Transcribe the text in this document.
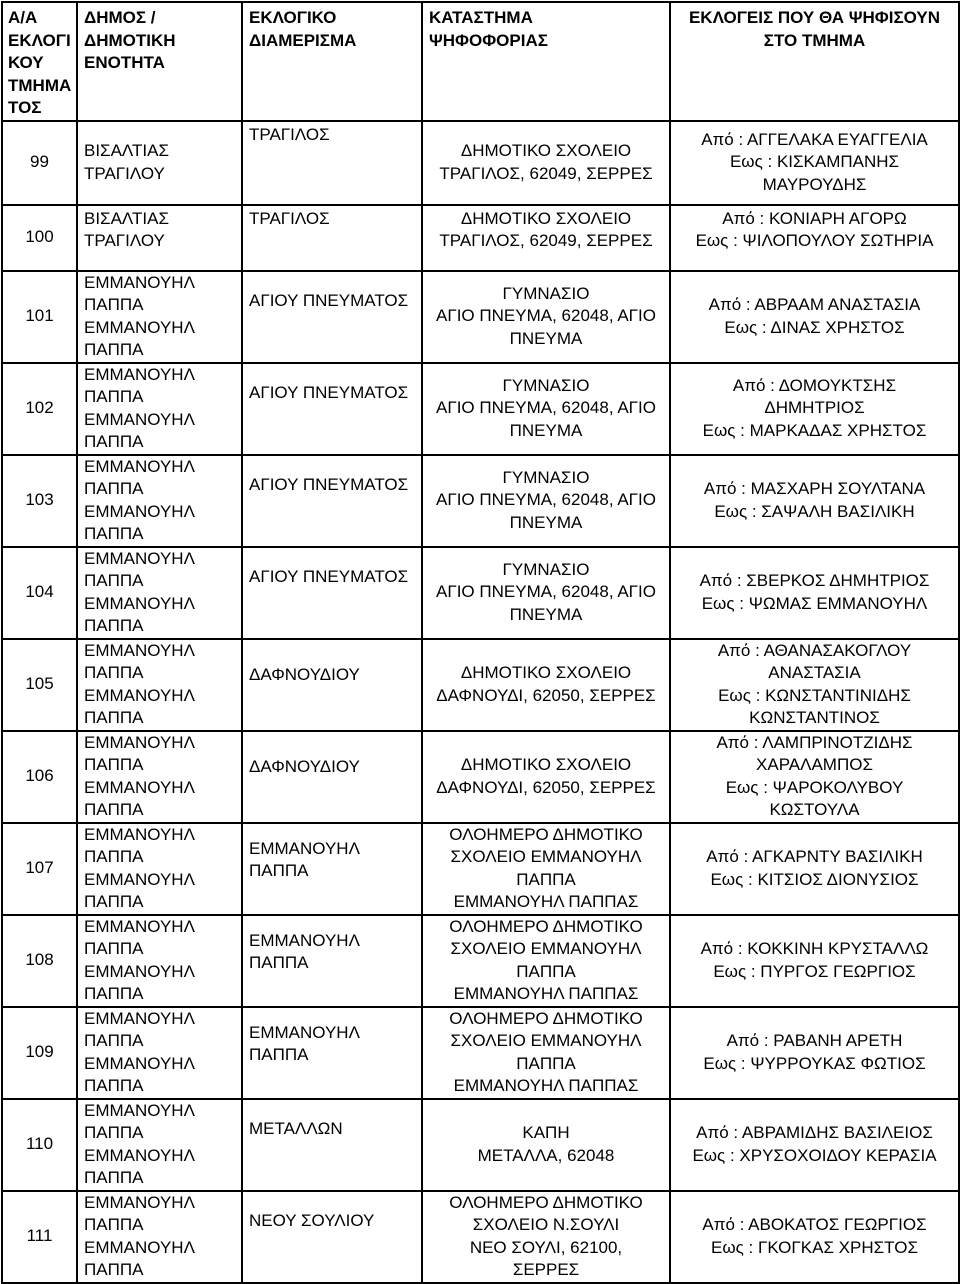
Α/Α
ΕΚΛΟΓΙ
ΚΟΥ
ΤΜΗΜΑ
ΤΟΣ	ΔΗΜΟΣ /
ΔΗΜΟΤΙΚΗ
ΕΝΟΤΗΤΑ	ΕΚΛΟΓΙΚΟ
ΔΙΑΜΕΡΙΣΜΑ	ΚΑΤΑΣΤΗΜΑ
ΨΗΦΟΦΟΡΙΑΣ	ΕΚΛΟΓΕΙΣ ΠΟΥ ΘΑ ΨΗΦΙΣΟΥΝ
ΣΤΟ ΤΜΗΜΑ
99	ΒΙΣΑΛΤΙΑΣ
ΤΡΑΓΙΛΟΥ	ΤΡΑΓΙΛΟΣ	ΔΗΜΟΤΙΚΟ ΣΧΟΛΕΙΟ
ΤΡΑΓΙΛΟΣ, 62049, ΣΕΡΡΕΣ	Από : ΑΓΓΕΛΑΚΑ ΕΥΑΓΓΕΛΙΑ
Εως : ΚΙΣΚΑΜΠΑΝΗΣ
ΜΑΥΡΟΥΔΗΣ
100	ΒΙΣΑΛΤΙΑΣ
ΤΡΑΓΙΛΟΥ	ΤΡΑΓΙΛΟΣ	ΔΗΜΟΤΙΚΟ ΣΧΟΛΕΙΟ
ΤΡΑΓΙΛΟΣ, 62049, ΣΕΡΡΕΣ	Από : ΚΟΝΙΑΡΗ ΑΓΟΡΩ
Εως : ΨΙΛΟΠΟΥΛΟΥ ΣΩΤΗΡΙΑ
101	ΕΜΜΑΝΟΥΗΛ
ΠΑΠΠΑ
ΕΜΜΑΝΟΥΗΛ
ΠΑΠΠΑ	ΑΓΙΟΥ ΠΝΕΥΜΑΤΟΣ	ΓΥΜΝΑΣΙΟ
ΑΓΙΟ ΠΝΕΥΜΑ, 62048, ΑΓΙΟ
ΠΝΕΥΜΑ	Από : ΑΒΡΑΑΜ ΑΝΑΣΤΑΣΙΑ
Εως : ΔΙΝΑΣ ΧΡΗΣΤΟΣ
102	ΕΜΜΑΝΟΥΗΛ
ΠΑΠΠΑ
ΕΜΜΑΝΟΥΗΛ
ΠΑΠΠΑ	ΑΓΙΟΥ ΠΝΕΥΜΑΤΟΣ	ΓΥΜΝΑΣΙΟ
ΑΓΙΟ ΠΝΕΥΜΑ, 62048, ΑΓΙΟ
ΠΝΕΥΜΑ	Από : ΔΟΜΟΥΚΤΣΗΣ
ΔΗΜΗΤΡΙΟΣ
Εως : ΜΑΡΚΑΔΑΣ ΧΡΗΣΤΟΣ
103	ΕΜΜΑΝΟΥΗΛ
ΠΑΠΠΑ
ΕΜΜΑΝΟΥΗΛ
ΠΑΠΠΑ	ΑΓΙΟΥ ΠΝΕΥΜΑΤΟΣ	ΓΥΜΝΑΣΙΟ
ΑΓΙΟ ΠΝΕΥΜΑ, 62048, ΑΓΙΟ
ΠΝΕΥΜΑ	Από : ΜΑΣΧΑΡΗ ΣΟΥΛΤΑΝΑ
Εως : ΣΑΨΑΛΗ ΒΑΣΙΛΙΚΗ
104	ΕΜΜΑΝΟΥΗΛ
ΠΑΠΠΑ
ΕΜΜΑΝΟΥΗΛ
ΠΑΠΠΑ	ΑΓΙΟΥ ΠΝΕΥΜΑΤΟΣ	ΓΥΜΝΑΣΙΟ
ΑΓΙΟ ΠΝΕΥΜΑ, 62048, ΑΓΙΟ
ΠΝΕΥΜΑ	Από : ΣΒΕΡΚΟΣ ΔΗΜΗΤΡΙΟΣ
Εως : ΨΩΜΑΣ ΕΜΜΑΝΟΥΗΛ
105	ΕΜΜΑΝΟΥΗΛ
ΠΑΠΠΑ
ΕΜΜΑΝΟΥΗΛ
ΠΑΠΠΑ	ΔΑΦΝΟΥΔΙΟΥ	ΔΗΜΟΤΙΚΟ ΣΧΟΛΕΙΟ
ΔΑΦΝΟΥΔΙ, 62050, ΣΕΡΡΕΣ	Από : ΑΘΑΝΑΣΑΚΟΓΛΟΥ
ΑΝΑΣΤΑΣΙΑ
Εως : ΚΩΝΣΤΑΝΤΙΝΙΔΗΣ
ΚΩΝΣΤΑΝΤΙΝΟΣ
106	ΕΜΜΑΝΟΥΗΛ
ΠΑΠΠΑ
ΕΜΜΑΝΟΥΗΛ
ΠΑΠΠΑ	ΔΑΦΝΟΥΔΙΟΥ	ΔΗΜΟΤΙΚΟ ΣΧΟΛΕΙΟ
ΔΑΦΝΟΥΔΙ, 62050, ΣΕΡΡΕΣ	Από : ΛΑΜΠΡΙΝΟΤΖΙΔΗΣ
ΧΑΡΑΛΑΜΠΟΣ
Εως : ΨΑΡΟΚΟΛΥΒΟΥ
ΚΩΣΤΟΥΛΑ
107	ΕΜΜΑΝΟΥΗΛ
ΠΑΠΠΑ
ΕΜΜΑΝΟΥΗΛ
ΠΑΠΠΑ	ΕΜΜΑΝΟΥΗΛ
ΠΑΠΠΑ	ΟΛΟΗΜΕΡΟ ΔΗΜΟΤΙΚΟ
ΣΧΟΛΕΙΟ ΕΜΜΑΝΟΥΗΛ
ΠΑΠΠΑ
ΕΜΜΑΝΟΥΗΛ ΠΑΠΠΑΣ	Από : ΑΓΚΑΡΝΤΥ ΒΑΣΙΛΙΚΗ
Εως : ΚΙΤΣΙΟΣ ΔΙΟΝΥΣΙΟΣ
108	ΕΜΜΑΝΟΥΗΛ
ΠΑΠΠΑ
ΕΜΜΑΝΟΥΗΛ
ΠΑΠΠΑ	ΕΜΜΑΝΟΥΗΛ
ΠΑΠΠΑ	ΟΛΟΗΜΕΡΟ ΔΗΜΟΤΙΚΟ
ΣΧΟΛΕΙΟ ΕΜΜΑΝΟΥΗΛ
ΠΑΠΠΑ
ΕΜΜΑΝΟΥΗΛ ΠΑΠΠΑΣ	Από : ΚΟΚΚΙΝΗ ΚΡΥΣΤΑΛΛΩ
Εως : ΠΥΡΓΟΣ ΓΕΩΡΓΙΟΣ
109	ΕΜΜΑΝΟΥΗΛ
ΠΑΠΠΑ
ΕΜΜΑΝΟΥΗΛ
ΠΑΠΠΑ	ΕΜΜΑΝΟΥΗΛ
ΠΑΠΠΑ	ΟΛΟΗΜΕΡΟ ΔΗΜΟΤΙΚΟ
ΣΧΟΛΕΙΟ ΕΜΜΑΝΟΥΗΛ
ΠΑΠΠΑ
ΕΜΜΑΝΟΥΗΛ ΠΑΠΠΑΣ	Από : ΡΑΒΑΝΗ ΑΡΕΤΗ
Εως : ΨΥΡΡΟΥΚΑΣ ΦΩΤΙΟΣ
110	ΕΜΜΑΝΟΥΗΛ
ΠΑΠΠΑ
ΕΜΜΑΝΟΥΗΛ
ΠΑΠΠΑ	ΜΕΤΑΛΛΩΝ	ΚΑΠΗ
ΜΕΤΑΛΛΑ, 62048	Από : ΑΒΡΑΜΙΔΗΣ ΒΑΣΙΛΕΙΟΣ
Εως : ΧΡΥΣΟΧΟΙΔΟΥ ΚΕΡΑΣΙΑ
111	ΕΜΜΑΝΟΥΗΛ
ΠΑΠΠΑ
ΕΜΜΑΝΟΥΗΛ
ΠΑΠΠΑ	ΝΕΟΥ ΣΟΥΛΙΟΥ	ΟΛΟΗΜΕΡΟ ΔΗΜΟΤΙΚΟ
ΣΧΟΛΕΙΟ Ν.ΣΟΥΛΙ
ΝΕΟ ΣΟΥΛΙ, 62100,
ΣΕΡΡΕΣ	Από : ΑΒΟΚΑΤΟΣ ΓΕΩΡΓΙΟΣ
Εως : ΓΚΟΓΚΑΣ ΧΡΗΣΤΟΣ
